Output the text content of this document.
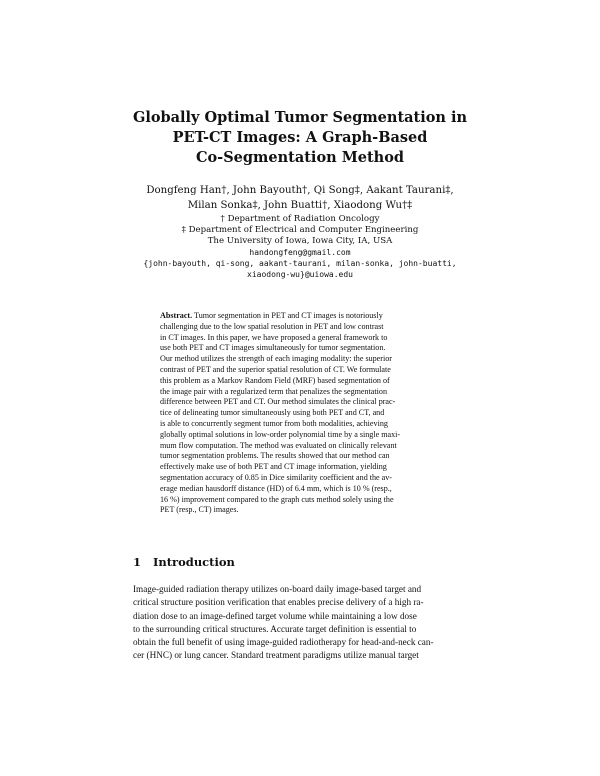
Globally Optimal Tumor Segmentation in
PET-CT Images: A Graph-Based
Co-Segmentation Method
Dongfeng Han†, John Bayouth†, Qi Song‡, Aakant Taurani‡,
Milan Sonka‡, John Buatti†, Xiaodong Wu†‡
† Department of Radiation Oncology
‡ Department of Electrical and Computer Engineering
The University of Iowa, Iowa City, IA, USA
handongfeng@gmail.com
{john-bayouth, qi-song, aakant-taurani, milan-sonka, john-buatti,
xiaodong-wu}@uiowa.edu
Abstract. Tumor segmentation in PET and CT images is notoriously
challenging due to the low spatial resolution in PET and low contrast
in CT images. In this paper, we have proposed a general framework to
use both PET and CT images simultaneously for tumor segmentation.
Our method utilizes the strength of each imaging modality: the superior
contrast of PET and the superior spatial resolution of CT. We formulate
this problem as a Markov Random Field (MRF) based segmentation of
the image pair with a regularized term that penalizes the segmentation
difference between PET and CT. Our method simulates the clinical prac-
tice of delineating tumor simultaneously using both PET and CT, and
is able to concurrently segment tumor from both modalities, achieving
globally optimal solutions in low-order polynomial time by a single maxi-
mum flow computation. The method was evaluated on clinically relevant
tumor segmentation problems. The results showed that our method can
effectively make use of both PET and CT image information, yielding
segmentation accuracy of 0.85 in Dice similarity coefficient and the av-
erage median hausdorff distance (HD) of 6.4 mm, which is 10 % (resp.,
16 %) improvement compared to the graph cuts method solely using the
PET (resp., CT) images.
1 Introduction
Image-guided radiation therapy utilizes on-board daily image-based target and
critical structure position verification that enables precise delivery of a high ra-
diation dose to an image-defined target volume while maintaining a low dose
to the surrounding critical structures. Accurate target definition is essential to
obtain the full benefit of using image-guided radiotherapy for head-and-neck can-
cer (HNC) or lung cancer. Standard treatment paradigms utilize manual target
